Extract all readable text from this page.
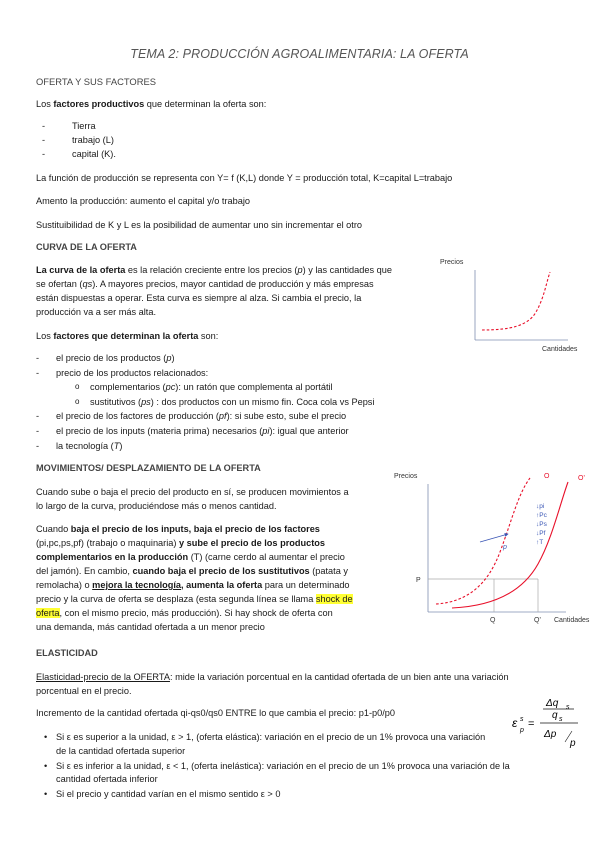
TEMA 2: PRODUCCIÓN AGROALIMENTARIA: LA OFERTA
OFERTA Y SUS FACTORES
Los factores productivos que determinan la oferta son:
- Tierra
- trabajo (L)
- capital (K).
La función de producción se representa con Y= f (K,L) donde Y = producción total, K=capital L=trabajo
Amento la producción: aumento el capital y/o trabajo
Sustituibilidad de K y L es la posibilidad de aumentar uno sin incrementar el otro
CURVA DE LA OFERTA

La curva de la oferta es la relación creciente entre los precios (p) y las cantidades que

se ofertan (qs). A mayores precios, mayor cantidad de producción y más empresas

están dispuestas a operar. Esta curva es siempre al alza. Si cambia el precio, la

producción va a ser más alta.

Los factores que determinan la oferta son:
- el precio de los productos (p)
- precio de los productos relacionados:
o complementarios (pc): un ratón que complementa al portátil
o sustitutivos (ps) : dos productos con un mismo fin. Coca cola vs Pepsi
- el precio de los factores de producción (pf): si sube esto, sube el precio
- el precio de los inputs (materia prima) necesarios (pi): igual que anterior
- la tecnología (T)
Precios
Cantidades
MOVIMIENTOS/ DESPLAZAMIENTO DE LA OFERTA

Cuando sube o baja el precio del producto en sí, se producen movimientos a

lo largo de la curva, produciéndose más o menos cantidad.

Cuando baja el precio de los inputs, baja el precio de los factores

(pi,pc,ps,pf) (trabajo o maquinaria) y sube el precio de los productos

complementarios en la producción (T) (carne cerdo al aumentar el precio

del jamón). En cambio, cuando baja el precio de los sustitutivos (patata y

remolacha) o mejora la tecnología, aumenta la oferta para un determinado

precio y la curva de oferta se desplaza (esta segunda línea se llama shock de

oferta, con el mismo precio, más producción). Si hay shock de oferta con

una demanda, más cantidad ofertada a un menor precio

Precios
p
↓pi
↑Pc
↓Ps
↓Pf
↑T
O	O'
P
Q	Q' Cantidades
ELASTICIDAD

Elasticidad-precio de la OFERTA: mide la variación porcentual en la cantidad ofertada de un bien ante una variación

porcentual en el precio.

Incremento de la cantidad ofertada qi-qs0/qs0 ENTRE lo que cambia el precio: p1-p0/p0
• Si ε es superior a la unidad, ε > 1, (oferta elástica): variación en el precio de un 1% provoca una variación
de la cantidad ofertada superior
• Si ε es inferior a la unidad, ε < 1, (oferta inelástica): variación en el precio de un 1% provoca una variación de la
cantidad ofertada inferior
• Si el precio y cantidad varían en el mismo sentido ε > 0
ε s
p
=
Δq s
q s
Δp
p
